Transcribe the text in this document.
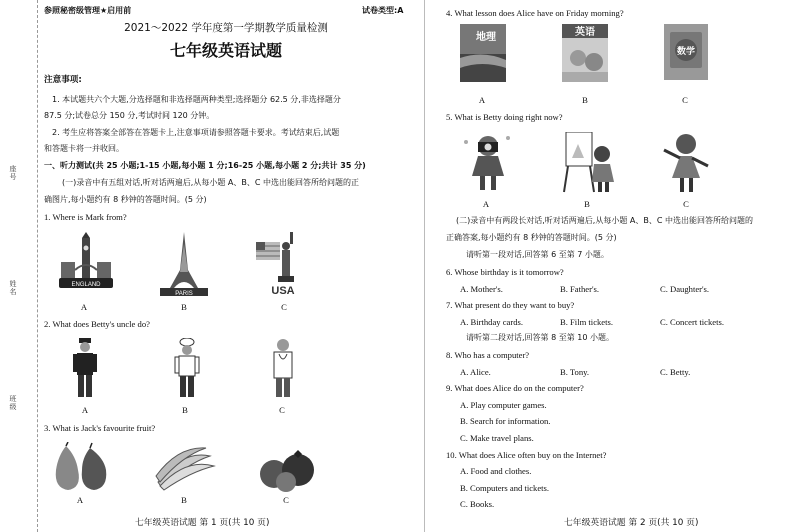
座号
姓名
班级
参照秘密级管理★启用前	试卷类型:A
2021～2022 学年度第一学期教学质量检测
七年级英语试题
注意事项:
1. 本试题共六个大题,分选择题和非选择题两种类型;选择题分 62.5 分,非选择题分
87.5 分;试卷总分 150 分,考试时间 120 分钟。
2. 考生应将答案全部答在答题卡上,注意事项请参照答题卡要求。考试结束后,试题
和答题卡将一并收回。
一、听力测试(共 25 小题;1-15 小题,每小题 1 分;16-25 小题,每小题 2 分;共计 35 分)
(一)录音中有五组对话,听对话两遍后,从每小题 A、B、C 中选出能回答所给问题的正
确图片,每小题约有 8 秒钟的答题时间。(5 分)
1. Where is Mark from?
ENGLAND
PARIS	USA
A	B	C
2. What does Betty's uncle do?
A	B	C
3. What is Jack's favourite fruit?
A	B	C
七年级英语试题 第 1 页(共 10 页)
4. What lesson does Alice have on Friday morning?
地理	英语
数学
A	B	C
5. What is Betty doing right now?
A	B	C
(二)录音中有两段长对话,听对话两遍后,从每小题 A、B、C 中选出能回答所给问题的
正确答案,每小题约有 8 秒钟的答题时间。(5 分)
请听第一段对话,回答第 6 至第 7 小题。
6. Whose birthday is it tomorrow?
A. Mother's.	B. Father's.	C. Daughter's.
7. What present do they want to buy?
A. Birthday cards.	B. Film tickets.	C. Concert tickets.
请听第二段对话,回答第 8 至第 10 小题。
8. Who has a computer?
A. Alice.	B. Tony.	C. Betty.
9. What does Alice do on the computer?
A. Play computer games.
B. Search for information.
C. Make travel plans.
10. What does Alice often buy on the Internet?
A. Food and clothes.
B. Computers and tickets.
C. Books.
七年级英语试题 第 2 页(共 10 页)
